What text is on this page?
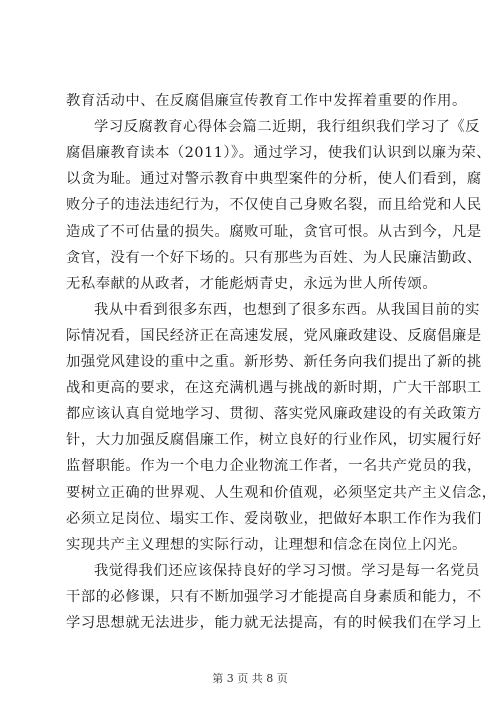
教育活动中、在反腐倡廉宣传教育工作中发挥着重要的作用。
学习反腐教育心得体会篇二近期，我行组织我们学习了《反
腐倡廉教育读本（2011）》。通过学习，使我们认识到以廉为荣、
以贪为耻。通过对警示教育中典型案件的分析，使人们看到，腐
败分子的违法违纪行为，不仅使自己身败名裂，而且给党和人民
造成了不可估量的损失。腐败可耻，贪官可恨。从古到今，凡是
贪官，没有一个好下场的。只有那些为百姓、为人民廉洁勤政、
无私奉献的从政者，才能彪炳青史，永远为世人所传颂。
我从中看到很多东西，也想到了很多东西。从我国目前的实
际情况看，国民经济正在高速发展，党风廉政建设、反腐倡廉是
加强党风建设的重中之重。新形势、新任务向我们提出了新的挑
战和更高的要求，在这充满机遇与挑战的新时期，广大干部职工
都应该认真自觉地学习、贯彻、落实党风廉政建设的有关政策方
针，大力加强反腐倡廉工作，树立良好的行业作风，切实履行好
监督职能。作为一个电力企业物流工作者，一名共产党员的我，
要树立正确的世界观、人生观和价值观，必须坚定共产主义信念，
必须立足岗位、塌实工作、爱岗敬业，把做好本职工作作为我们
实现共产主义理想的实际行动，让理想和信念在岗位上闪光。
我觉得我们还应该保持良好的学习习惯。学习是每一名党员
干部的必修课，只有不断加强学习才能提高自身素质和能力，不
学习思想就无法进步，能力就无法提高，有的时候我们在学习上
第 3 页 共 8 页
